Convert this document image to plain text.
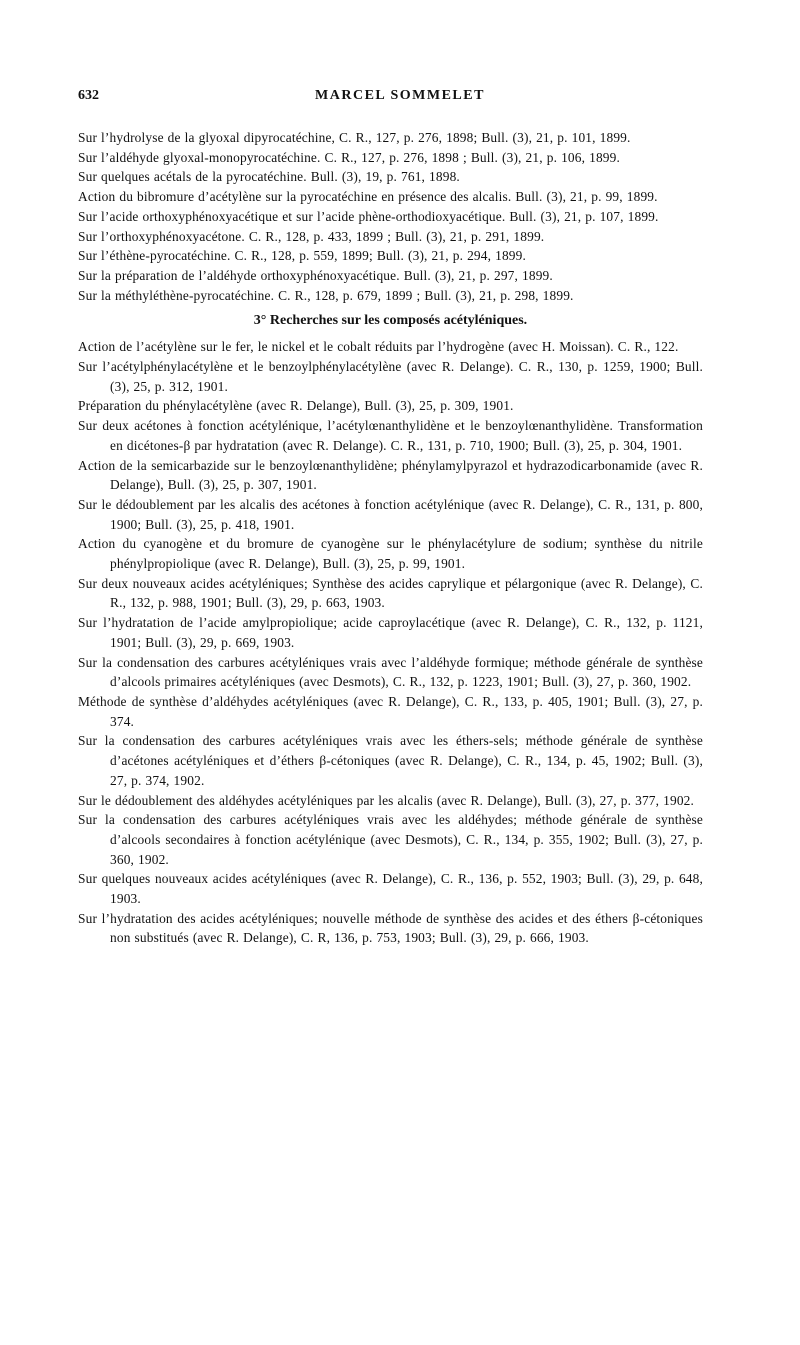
632	MARCEL SOMMELET
Sur l’hydrolyse de la glyoxal dipyrocatéchine, C. R., 127, p. 276, 1898; Bull. (3), 21, p. 101, 1899.
Sur l’aldéhyde glyoxal-monopyrocatéchine. C. R., 127, p. 276, 1898 ; Bull. (3), 21, p. 106, 1899.
Sur quelques acétals de la pyrocatéchine. Bull. (3), 19, p. 761, 1898.
Action du bibromure d’acétylène sur la pyrocatéchine en présence des alcalis. Bull. (3), 21, p. 99, 1899.
Sur l’acide orthoxyphénoxyacétique et sur l’acide phène-orthodioxyacétique. Bull. (3), 21, p. 107, 1899.
Sur l’orthoxyphénoxyacétone. C. R., 128, p. 433, 1899 ; Bull. (3), 21, p. 291, 1899.
Sur l’éthène-pyrocatéchine. C. R., 128, p. 559, 1899; Bull. (3), 21, p. 294, 1899.
Sur la préparation de l’aldéhyde orthoxyphénoxyacétique. Bull. (3), 21, p. 297, 1899.
Sur la méthyléthène-pyrocatéchine. C. R., 128, p. 679, 1899 ; Bull. (3), 21, p. 298, 1899.
3° Recherches sur les composés acétyléniques.
Action de l’acétylène sur le fer, le nickel et le cobalt réduits par l’hydrogène (avec H. Moissan). C. R., 122.
Sur l’acétylphénylacétylène et le benzoylphénylacétylène (avec R. Delange). C. R., 130, p. 1259, 1900; Bull. (3), 25, p. 312, 1901.
Préparation du phénylacétylène (avec R. Delange), Bull. (3), 25, p. 309, 1901.
Sur deux acétones à fonction acétylénique, l’acétylœnanthylidène et le benzoylœnanthylidène. Transformation en dicétones-β par hydratation (avec R. Delange). C. R., 131, p. 710, 1900; Bull. (3), 25, p. 304, 1901.
Action de la semicarbazide sur le benzoylœnanthylidène; phénylamylpyrazol et hydrazodicarbonamide (avec R. Delange), Bull. (3), 25, p. 307, 1901.
Sur le dédoublement par les alcalis des acétones à fonction acétylénique (avec R. Delange), C. R., 131, p. 800, 1900; Bull. (3), 25, p. 418, 1901.
Action du cyanogène et du bromure de cyanogène sur le phénylacétylure de sodium; synthèse du nitrile phénylpropiolique (avec R. Delange), Bull. (3), 25, p. 99, 1901.
Sur deux nouveaux acides acétyléniques; Synthèse des acides caprylique et pélargonique (avec R. Delange), C. R., 132, p. 988, 1901; Bull. (3), 29, p. 663, 1903.
Sur l’hydratation de l’acide amylpropiolique; acide caproylacétique (avec R. Delange), C. R., 132, p. 1121, 1901; Bull. (3), 29, p. 669, 1903.
Sur la condensation des carbures acétyléniques vrais avec l’aldéhyde formique; méthode générale de synthèse d’alcools primaires acétyléniques (avec Desmots), C. R., 132, p. 1223, 1901; Bull. (3), 27, p. 360, 1902.
Méthode de synthèse d’aldéhydes acétyléniques (avec R. Delange), C. R., 133, p. 405, 1901; Bull. (3), 27, p. 374.
Sur la condensation des carbures acétyléniques vrais avec les éthers-sels; méthode générale de synthèse d’acétones acétyléniques et d’éthers β-cétoniques (avec R. Delange), C. R., 134, p. 45, 1902; Bull. (3), 27, p. 374, 1902.
Sur le dédoublement des aldéhydes acétyléniques par les alcalis (avec R. Delange), Bull. (3), 27, p. 377, 1902.
Sur la condensation des carbures acétyléniques vrais avec les aldéhydes; méthode générale de synthèse d’alcools secondaires à fonction acétylénique (avec Desmots), C. R., 134, p. 355, 1902; Bull. (3), 27, p. 360, 1902.
Sur quelques nouveaux acides acétyléniques (avec R. Delange), C. R., 136, p. 552, 1903; Bull. (3), 29, p. 648, 1903.
Sur l’hydratation des acides acétyléniques; nouvelle méthode de synthèse des acides et des éthers β-cétoniques non substitués (avec R. Delange), C. R, 136, p. 753, 1903; Bull. (3), 29, p. 666, 1903.
